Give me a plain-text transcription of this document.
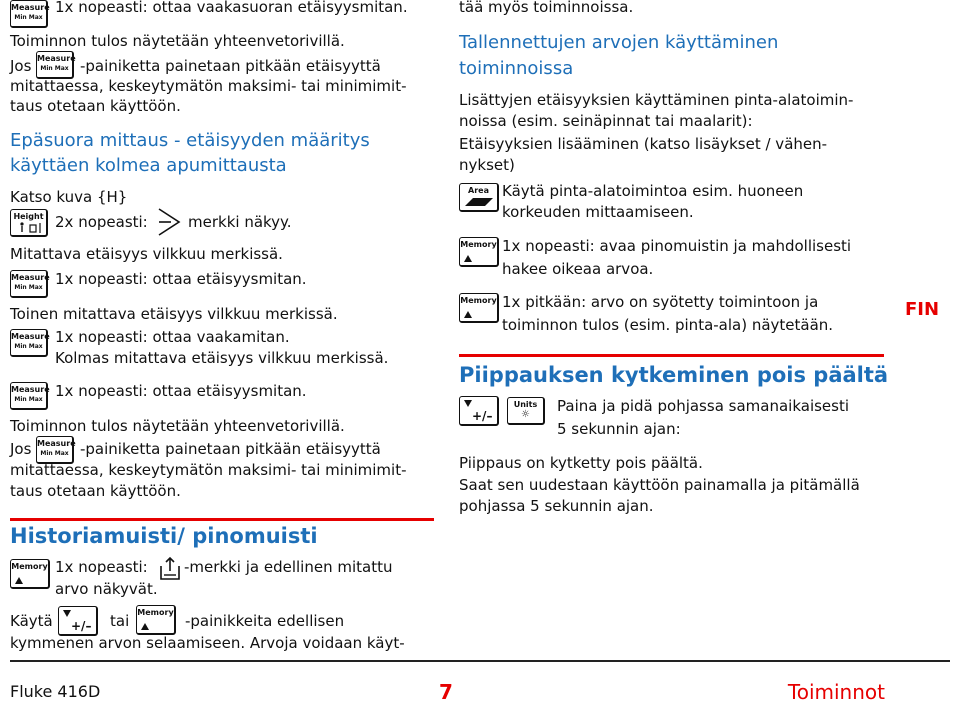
Measure
Min Max
1x nopeasti: ottaa vaakasuoran etäisyysmitan.
Toiminnon tulos näytetään yhteenvetorivillä.
Jos Measure
Min Max -painiketta painetaan pitkään etäisyyttä
mitattaessa, keskeytymätön maksimi- tai minimimit-
taus otetaan käyttöön.
Epäsuora mittaus - etäisyyden määritys
käyttäen kolmea apumittausta
Katso kuva {H}
Height 2x nopeasti:	merkki näkyy.
Mitattava etäisyys vilkkuu merkissä.
Measure
Min Max 1x nopeasti: ottaa etäisyysmitan.
Toinen mitattava etäisyys vilkkuu merkissä.
Measure
Min Max
1x nopeasti: ottaa vaakamitan.
Kolmas mitattava etäisyys vilkkuu merkissä.
Measure
Min Max 1x nopeasti: ottaa etäisyysmitan.
Toiminnon tulos näytetään yhteenvetorivillä.
Jos Measure
Min Max -painiketta painetaan pitkään etäisyyttä
mitattaessa, keskeytymätön maksimi- tai minimimit-
taus otetaan käyttöön.
Historiamuisti/ pinomuisti
Memory 1x nopeasti: -merkki ja edellinen mitattu
arvo näkyvät.
Käytä +/– tai Memory -painikkeita edellisen
kymmenen arvon selaamiseen. Arvoja voidaan käyt-
tää myös toiminnoissa.
Tallennettujen arvojen käyttäminen
toiminnoissa
Lisättyjen etäisyyksien käyttäminen pinta-alatoimin-
noissa (esim. seinäpinnat tai maalarit):
Etäisyyksien lisääminen (katso lisäykset / vähen-
nykset)
Area Käytä pinta-alatoimintoa esim. huoneen
korkeuden mittaamiseen.
Memory 1x nopeasti: avaa pinomuistin ja mahdollisesti
hakee oikeaa arvoa.
Memory 1x pitkään: arvo on syötetty toimintoon ja
toiminnon tulos (esim. pinta-ala) näytetään.
Piippauksen kytkeminen pois päältä
+/–
Units
☼	Paina ja pidä pohjassa samanaikaisesti
5 sekunnin ajan:
Piippaus on kytketty pois päältä.
Saat sen uudestaan käyttöön painamalla ja pitämällä
pohjassa 5 sekunnin ajan.
FIN
Fluke 416D	7	Toiminnot
